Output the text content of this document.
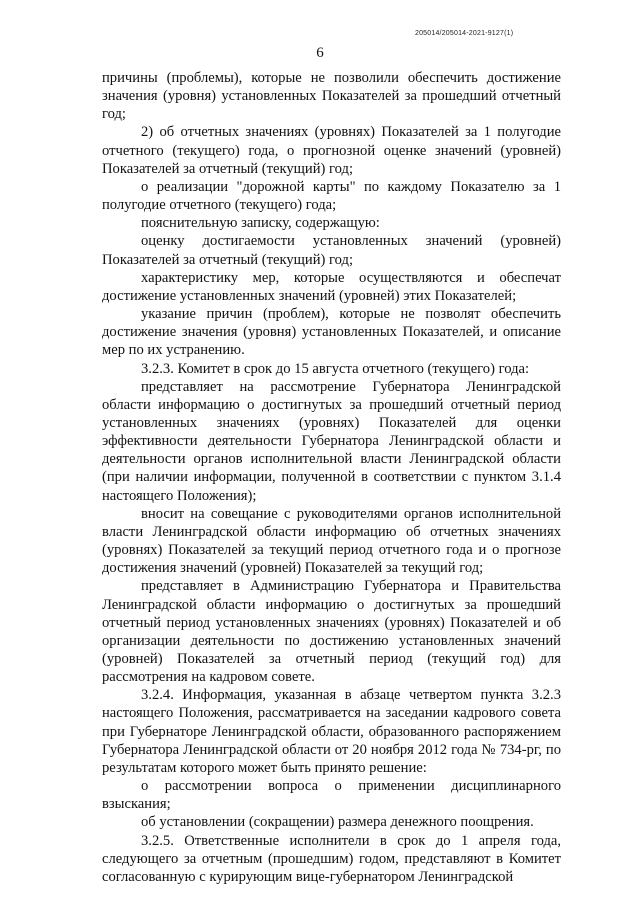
205014/205014-2021-9127(1)
6

причины (проблемы), которые не позволили обеспечить достижение значения (уровня) установленных Показателей за прошедший отчетный год;

2) об отчетных значениях (уровнях) Показателей за 1 полугодие отчетного (текущего) года, о прогнозной оценке значений (уровней) Показателей за отчетный (текущий) год;

о реализации "дорожной карты" по каждому Показателю за 1 полугодие отчетного (текущего) года;

пояснительную записку, содержащую:

оценку достигаемости установленных значений (уровней) Показателей за отчетный (текущий) год;

характеристику мер, которые осуществляются и обеспечат достижение установленных значений (уровней) этих Показателей;

указание причин (проблем), которые не позволят обеспечить достижение значения (уровня) установленных Показателей, и описание мер по их устранению.

3.2.3. Комитет в срок до 15 августа отчетного (текущего) года:

представляет на рассмотрение Губернатора Ленинградской области информацию о достигнутых за прошедший отчетный период установленных значениях (уровнях) Показателей для оценки эффективности деятельности Губернатора Ленинградской области и деятельности органов исполнительной власти Ленинградской области (при наличии информации, полученной в соответствии с пунктом 3.1.4 настоящего Положения);

вносит на совещание с руководителями органов исполнительной власти Ленинградской области информацию об отчетных значениях (уровнях) Показателей за текущий период отчетного года и о прогнозе достижения значений (уровней) Показателей за текущий год;

представляет в Администрацию Губернатора и Правительства Ленинградской области информацию о достигнутых за прошедший отчетный период установленных значениях (уровнях) Показателей и об организации деятельности по достижению установленных значений (уровней) Показателей за отчетный период (текущий год) для рассмотрения на кадровом совете.

3.2.4. Информация, указанная в абзаце четвертом пункта 3.2.3 настоящего Положения, рассматривается на заседании кадрового совета при Губернаторе Ленинградской области, образованного распоряжением Губернатора Ленинградской области от 20 ноября 2012 года № 734-рг, по результатам которого может быть принято решение:

о рассмотрении вопроса о применении дисциплинарного взыскания;

об установлении (сокращении) размера денежного поощрения.

3.2.5. Ответственные исполнители в срок до 1 апреля года, следующего за отчетным (прошедшим) годом, представляют в Комитет согласованную с курирующим вице-губернатором Ленинградской
